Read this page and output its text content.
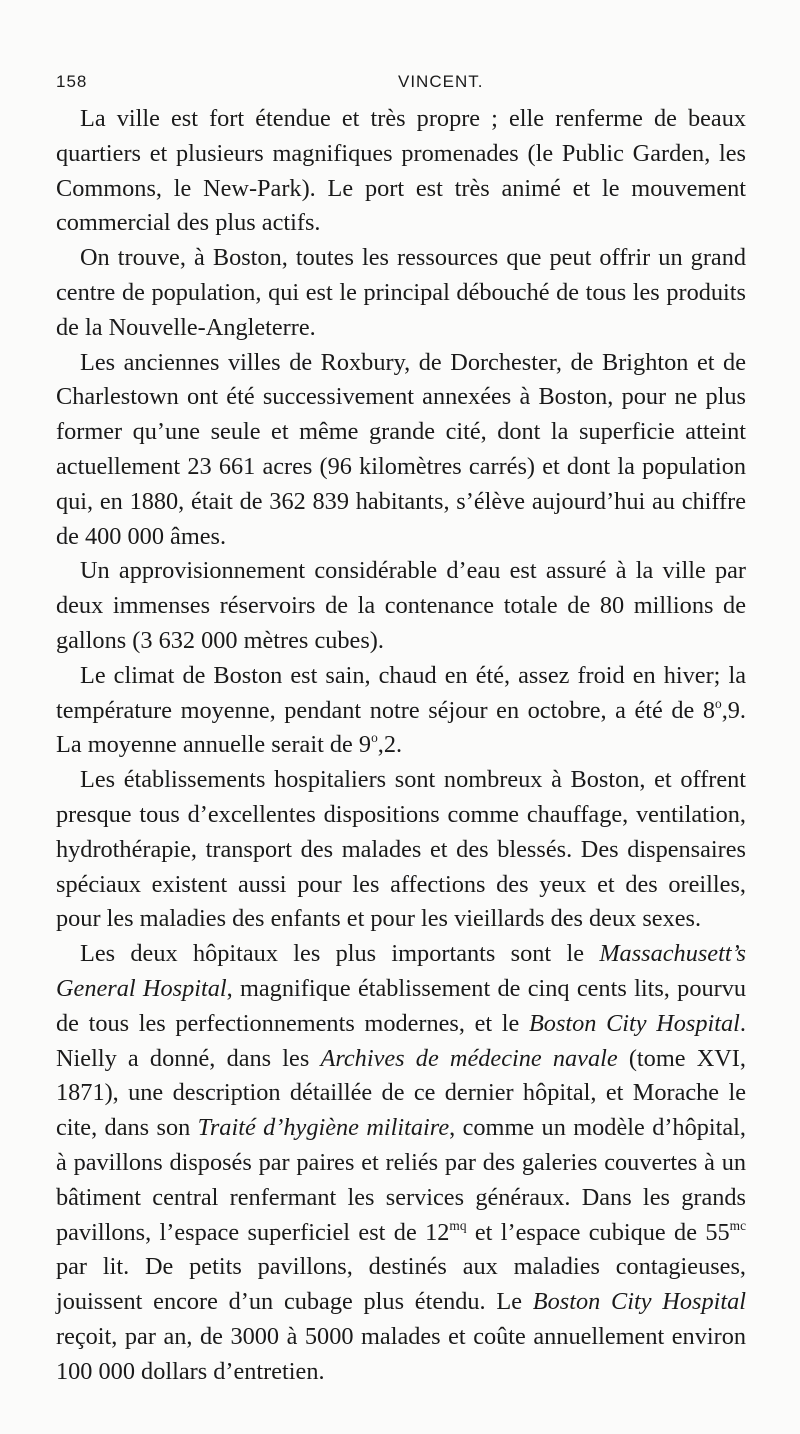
158	VINCENT.

La ville est fort étendue et très propre ; elle renferme de beaux quartiers et plusieurs magnifiques promenades (le Public Garden, les Commons, le New-Park). Le port est très animé et le mouvement commercial des plus actifs.

On trouve, à Boston, toutes les ressources que peut offrir un grand centre de population, qui est le principal débouché de tous les produits de la Nouvelle-Angleterre.

Les anciennes villes de Roxbury, de Dorchester, de Brighton et de Charlestown ont été successivement annexées à Boston, pour ne plus former qu’une seule et même grande cité, dont la superficie atteint actuellement 23 661 acres (96 kilomètres carrés) et dont la population qui, en 1880, était de 362 839 habitants, s’élève aujourd’hui au chiffre de 400 000 âmes.

Un approvisionnement considérable d’eau est assuré à la ville par deux immenses réservoirs de la contenance totale de 80 millions de gallons (3 632 000 mètres cubes).

Le climat de Boston est sain, chaud en été, assez froid en hiver; la température moyenne, pendant notre séjour en octobre, a été de 8$^o$,9. La moyenne annuelle serait de 9$^o$,2.

Les établissements hospitaliers sont nombreux à Boston, et offrent presque tous d’excellentes dispositions comme chauffage, ventilation, hydrothérapie, transport des malades et des blessés. Des dispensaires spéciaux existent aussi pour les affections des yeux et des oreilles, pour les maladies des enfants et pour les vieillards des deux sexes.

Les deux hôpitaux les plus importants sont le Massachusett’s General Hospital, magnifique établissement de cinq cents lits, pourvu de tous les perfectionnements modernes, et le Boston City Hospital. Nielly a donné, dans les Archives de médecine navale (tome XVI, 1871), une description détaillée de ce dernier hôpital, et Morache le cite, dans son Traité d’hygiène militaire, comme un modèle d’hôpital, à pavillons disposés par paires et reliés par des galeries couvertes à un bâtiment central renfermant les services généraux. Dans les grands pavillons, l’espace superficiel est de $12^{mq}$ et l’espace cubique de $55^{mc}$ par lit. De petits pavillons, destinés aux maladies contagieuses, jouissent encore d’un cubage plus étendu. Le Boston City Hospital reçoit, par an, de 3000 à 5000 malades et coûte annuellement environ 100 000 dollars d’entretien.
